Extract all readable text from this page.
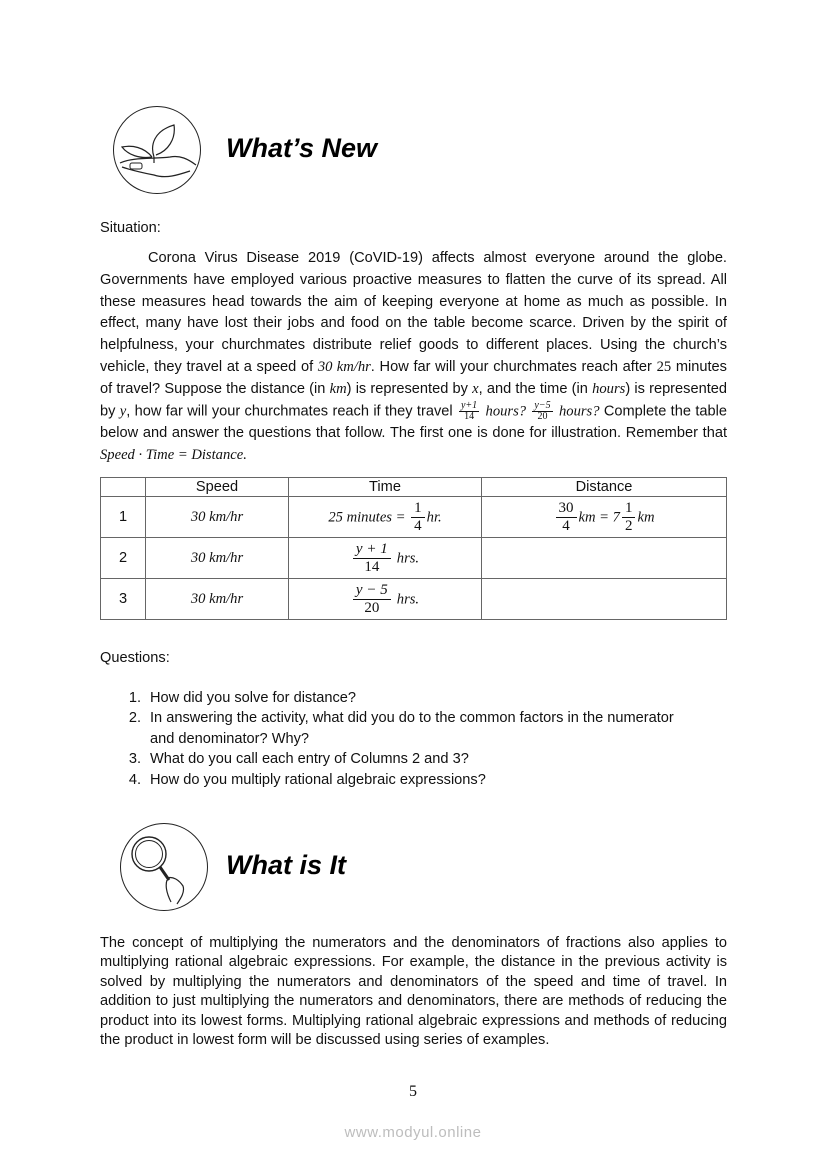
What’s New
Situation:
Corona Virus Disease 2019 (CoVID-19) affects almost everyone around the globe. Governments have employed various proactive measures to flatten the curve of its spread. All these measures head towards the aim of keeping everyone at home as much as possible. In effect, many have lost their jobs and food on the table become scarce. Driven by the spirit of helpfulness, your churchmates distribute relief goods to different places. Using the church’s vehicle, they travel at a speed of 30 km/hr. How far will your churchmates reach after 25 minutes of travel? Suppose the distance (in km) is represented by x, and the time (in hours) is represented by y, how far will your churchmates reach if they travel $\frac{y+1}{14}$ hours? $\frac{y-5}{20}$ hours? Complete the table below and answer the questions that follow. The first one is done for illustration. Remember that Speed · Time = Distance.
	Speed	Time	Distance
1	30 km/hr	25 minutes = $\frac{1}{4}$ hr.	$\frac{30}{4}$ km = $7 \frac{1}{2}$ km
2	30 km/hr	$\frac{y + 1}{14}$ hrs.	
3	30 km/hr	$\frac{y - 5}{20}$ hrs.	
Questions:
1. How did you solve for distance?
2. In answering the activity, what did you do to the common factors in the numerator
and denominator? Why?
3. What do you call each entry of Columns 2 and 3?
4. How do you multiply rational algebraic expressions?
What is It
The concept of multiplying the numerators and the denominators of fractions also applies to multiplying rational algebraic expressions. For example, the distance in the previous activity is solved by multiplying the numerators and denominators of the speed and time of travel. In addition to just multiplying the numerators and denominators, there are methods of reducing the product into its lowest forms. Multiplying rational algebraic expressions and methods of reducing the product in lowest form will be discussed using series of examples.
5
www.modyul.online
